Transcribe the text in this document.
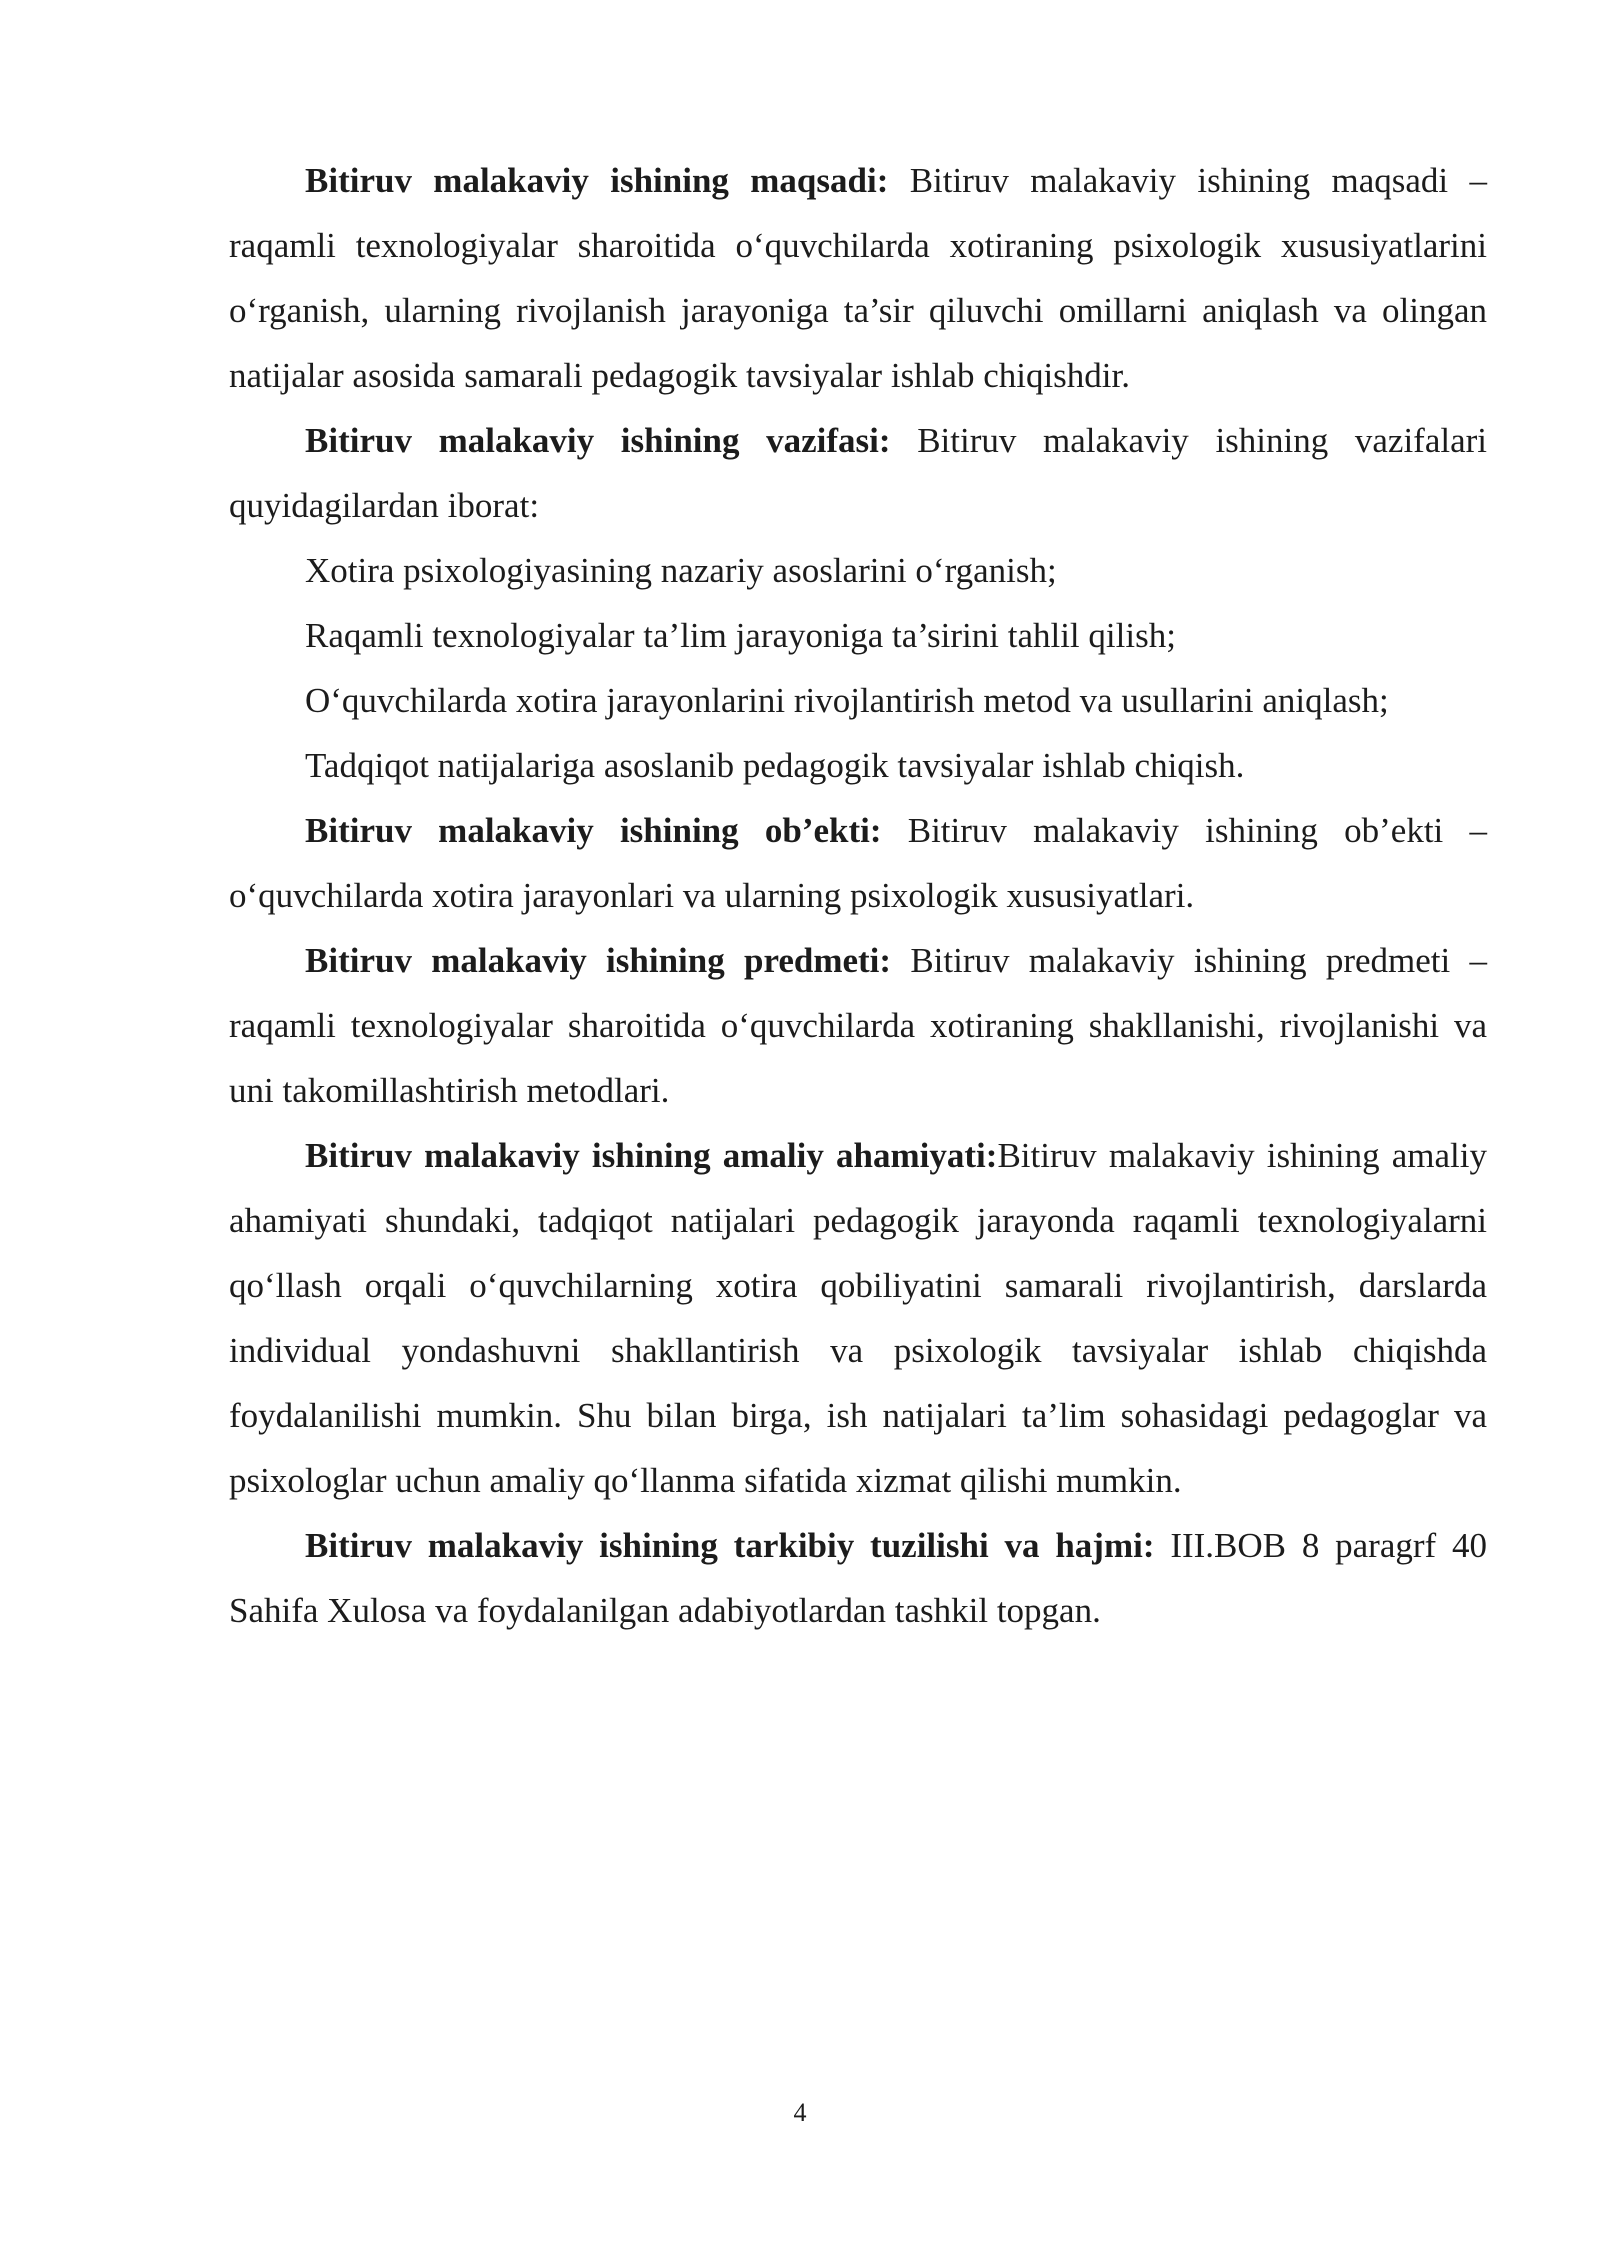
Bitiruv malakaviy ishining maqsadi: Bitiruv malakaviy ishining maqsadi – raqamli texnologiyalar sharoitida o‘quvchilarda xotiraning psixologik xususiyatlarini o‘rganish, ularning rivojlanish jarayoniga ta’sir qiluvchi omillarni aniqlash va olingan natijalar asosida samarali pedagogik tavsiyalar ishlab chiqishdir.

Bitiruv malakaviy ishining vazifasi: Bitiruv malakaviy ishining vazifalari quyidagilardan iborat:

Xotira psixologiyasining nazariy asoslarini o‘rganish;

Raqamli texnologiyalar ta’lim jarayoniga ta’sirini tahlil qilish;

O‘quvchilarda xotira jarayonlarini rivojlantirish metod va usullarini aniqlash;

Tadqiqot natijalariga asoslanib pedagogik tavsiyalar ishlab chiqish.

Bitiruv malakaviy ishining ob’ekti: Bitiruv malakaviy ishining ob’ekti – o‘quvchilarda xotira jarayonlari va ularning psixologik xususiyatlari.

Bitiruv malakaviy ishining predmeti: Bitiruv malakaviy ishining predmeti – raqamli texnologiyalar sharoitida o‘quvchilarda xotiraning shakllanishi, rivojlanishi va uni takomillashtirish metodlari.

Bitiruv malakaviy ishining amaliy ahamiyati:Bitiruv malakaviy ishining amaliy ahamiyati shundaki, tadqiqot natijalari pedagogik jarayonda raqamli texnologiyalarni qo‘llash orqali o‘quvchilarning xotira qobiliyatini samarali rivojlantirish, darslarda individual yondashuvni shakllantirish va psixologik tavsiyalar ishlab chiqishda foydalanilishi mumkin. Shu bilan birga, ish natijalari ta’lim sohasidagi pedagoglar va psixologlar uchun amaliy qo‘llanma sifatida xizmat qilishi mumkin.

Bitiruv malakaviy ishining tarkibiy tuzilishi va hajmi: III.BOB 8 paragrf 40 Sahifa Xulosa va foydalanilgan adabiyotlardan tashkil topgan.

4
